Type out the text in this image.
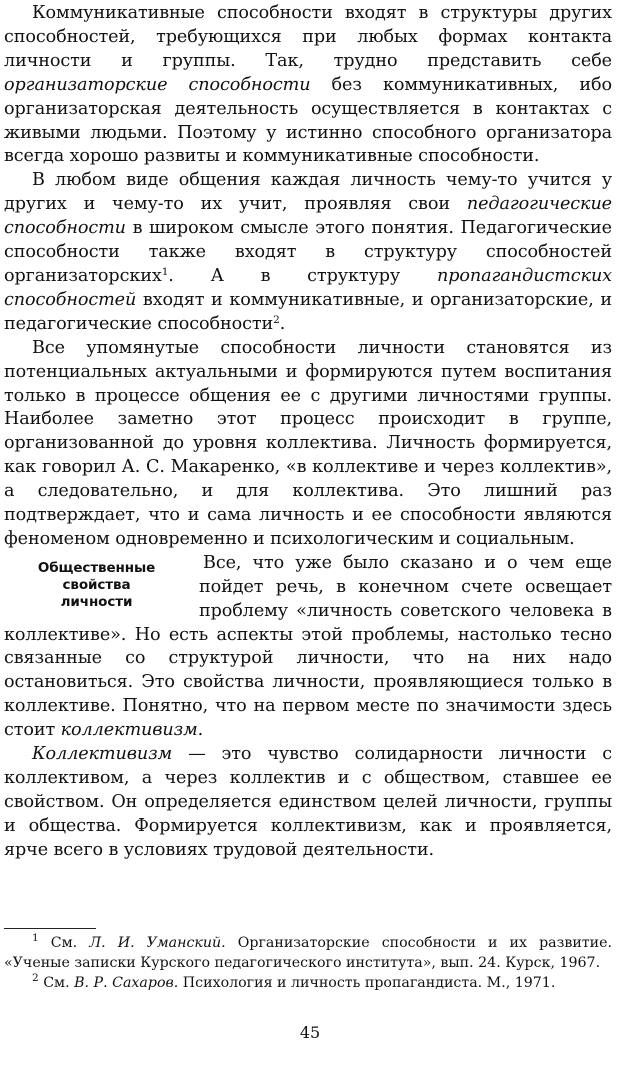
Коммуникативные способности входят в структуры других способностей, требующихся при любых формах контакта личности и группы. Так, трудно представить себе организаторские способности без коммуникативных, ибо организаторская деятельность осуществляется в контактах с живыми людьми. Поэтому у истинно способного организатора всегда хорошо развиты и коммуникативные способности.

В любом виде общения каждая личность чему-то учится у других и чему-то их учит, проявляя свои педагогические способности в широком смысле этого понятия. Педагогические способности также входят в структуру способностей организаторских$^1$. А в структуру пропагандистских способностей входят и коммуникативные, и организаторские, и педагогические способности$^2$.

Все упомянутые способности личности становятся из потенциальных актуальными и формируются путем воспитания только в процессе общения ее с другими личностями группы. Наиболее заметно этот процесс происходит в группе, организованной до уровня коллектива. Личность формируется, как говорил А. С. Макаренко, «в коллективе и через коллектив», а следовательно, и для коллектива. Это лишний раз подтверждает, что и сама личность и ее способности являются феноменом одновременно и психологическим и социальным.

Общественные
свойства
личности

Все, что уже было сказано и о чем еще пойдет речь, в конечном счете освещает проблему «личность советского человека в коллективе». Но есть аспекты этой проблемы, настолько тесно связанные со структурой личности, что на них надо остановиться. Это свойства личности, проявляющиеся только в коллективе. Понятно, что на первом месте по значимости здесь стоит коллективизм.

Коллективизм — это чувство солидарности личности с коллективом, а через коллектив и с обществом, ставшее ее свойством. Он определяется единством целей личности, группы и общества. Формируется коллективизм, как и проявляется, ярче всего в условиях трудовой деятельности.

$^1$ См. Л. И. Уманский. Организаторские способности и их развитие. «Ученые записки Курского педагогического института», вып. 24. Курск, 1967.

$^2$ См. В. Р. Сахаров. Психология и личность пропагандиста. М., 1971.

45
